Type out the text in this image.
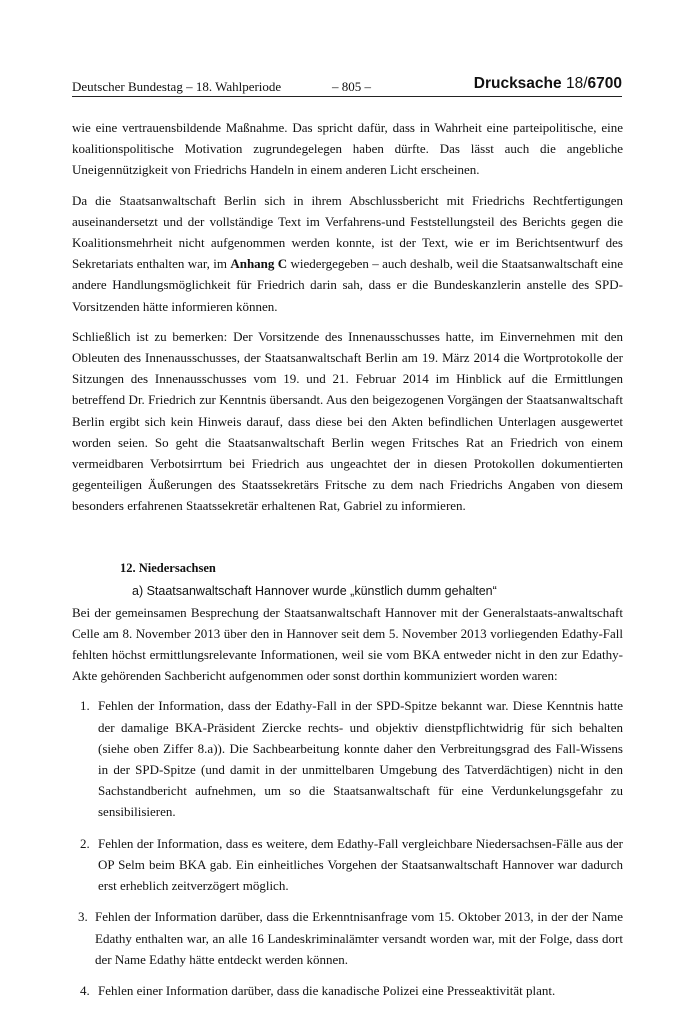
Deutscher Bundestag – 18. Wahlperiode	– 805 –	Drucksache 18/6700

wie eine vertrauensbildende Maßnahme. Das spricht dafür, dass in Wahrheit eine parteipolitische, eine koalitionspolitische Motivation zugrundegelegen haben dürfte. Das lässt auch die angebliche Uneigennützigkeit von Friedrichs Handeln in einem anderen Licht erscheinen.

Da die Staatsanwaltschaft Berlin sich in ihrem Abschlussbericht mit Friedrichs Rechtfertigungen auseinandersetzt und der vollständige Text im Verfahrens-und Feststellungsteil des Berichts gegen die Koalitionsmehrheit nicht aufgenommen werden konnte, ist der Text, wie er im Berichtsentwurf des Sekretariats enthalten war, im Anhang C wiedergegeben – auch deshalb, weil die Staatsanwaltschaft eine andere Handlungsmöglichkeit für Friedrich darin sah, dass er die Bundeskanzlerin anstelle des SPD-Vorsitzenden hätte informieren können.

Schließlich ist zu bemerken: Der Vorsitzende des Innenausschusses hatte, im Einvernehmen mit den Obleuten des Innenausschusses, der Staatsanwaltschaft Berlin am 19. März 2014 die Wortprotokolle der Sitzungen des Innenausschusses vom 19. und 21. Februar 2014 im Hinblick auf die Ermittlungen betreffend Dr. Friedrich zur Kenntnis übersandt. Aus den beigezogenen Vorgängen der Staatsanwaltschaft Berlin ergibt sich kein Hinweis darauf, dass diese bei den Akten befindlichen Unterlagen ausgewertet worden seien. So geht die Staatsanwaltschaft Berlin wegen Fritsches Rat an Friedrich von einem vermeidbaren Verbotsirrtum bei Friedrich aus ungeachtet der in diesen Protokollen dokumentierten gegenteiligen Äußerungen des Staatssekretärs Fritsche zu dem nach Friedrichs Angaben von diesem besonders erfahrenen Staatssekretär erhaltenen Rat, Gabriel zu informieren.

12. Niedersachsen
a) Staatsanwaltschaft Hannover wurde „künstlich dumm gehalten“

Bei der gemeinsamen Besprechung der Staatsanwaltschaft Hannover mit der Generalstaats-anwaltschaft Celle am 8. November 2013 über den in Hannover seit dem 5. November 2013 vorliegenden Edathy-Fall fehlten höchst ermittlungsrelevante Informationen, weil sie vom BKA entweder nicht in den zur Edathy-Akte gehörenden Sachbericht aufgenommen oder sonst dorthin kommuniziert worden waren:

1. Fehlen der Information, dass der Edathy-Fall in der SPD-Spitze bekannt war. Diese Kenntnis hatte der damalige BKA-Präsident Ziercke rechts- und objektiv dienstpflichtwidrig für sich behalten (siehe oben Ziffer 8.a)). Die Sachbearbeitung konnte daher den Verbreitungsgrad des Fall-Wissens in der SPD-Spitze (und damit in der unmittelbaren Umgebung des Tatverdächtigen) nicht in den Sachstandbericht aufnehmen, um so die Staatsanwaltschaft für eine Verdunkelungsgefahr zu sensibilisieren.
2. Fehlen der Information, dass es weitere, dem Edathy-Fall vergleichbare Niedersachsen-Fälle aus der OP Selm beim BKA gab. Ein einheitliches Vorgehen der Staatsanwaltschaft Hannover war dadurch erst erheblich zeitverzögert möglich.
3. Fehlen der Information darüber, dass die Erkenntnisanfrage vom 15. Oktober 2013, in der der Name Edathy enthalten war, an alle 16 Landeskriminalämter versandt worden war, mit der Folge, dass dort der Name Edathy hätte entdeckt werden können.
4. Fehlen einer Information darüber, dass die kanadische Polizei eine Presseaktivität plant.
